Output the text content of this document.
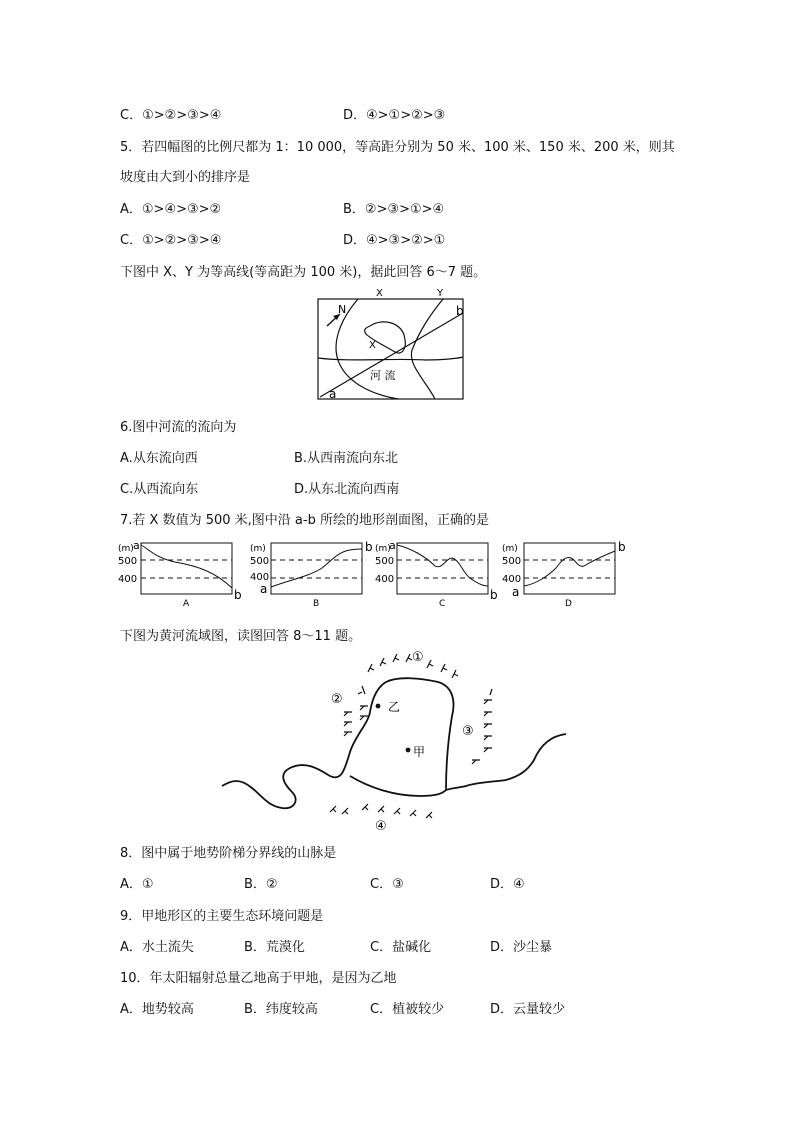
C．①>②>③>④	D．④>①>②>③
5．若四幅图的比例尺都为 1：10 000，等高距分别为 50 米、100 米、150 米、200 米，则其
坡度由大到小的排序是
A．①>④>③>②	B．②>③>①>④
C．①>②>③>④	D．④>③>②>①
下图中 X、Y 为等高线(等高距为 100 米)，据此回答 6～7 题。
N
X	Y
b
X
河 流
a
6.图中河流的流向为
A.从东流向西	B.从西南流向东北
C.从西流向东	D.从东北流向西南
7.若 X 数值为 500 米,图中沿 a-b 所绘的地形剖面图，正确的是
(m) a
500
400
A
b
(m)
500
400
a
B
b (m)
a
500
400
C
b
(m)
500
400
a
D
b
下图为黄河流域图，读图回答 8～11 题。
①
②
③
④
乙
甲
8．图中属于地势阶梯分界线的山脉是
A．①	B．②	C．③	D．④
9．甲地形区的主要生态环境问题是
A．水土流失	B．荒漠化	C．盐碱化	D．沙尘暴
10．年太阳辐射总量乙地高于甲地，是因为乙地
A．地势较高	B．纬度较高	C．植被较少	D．云量较少
